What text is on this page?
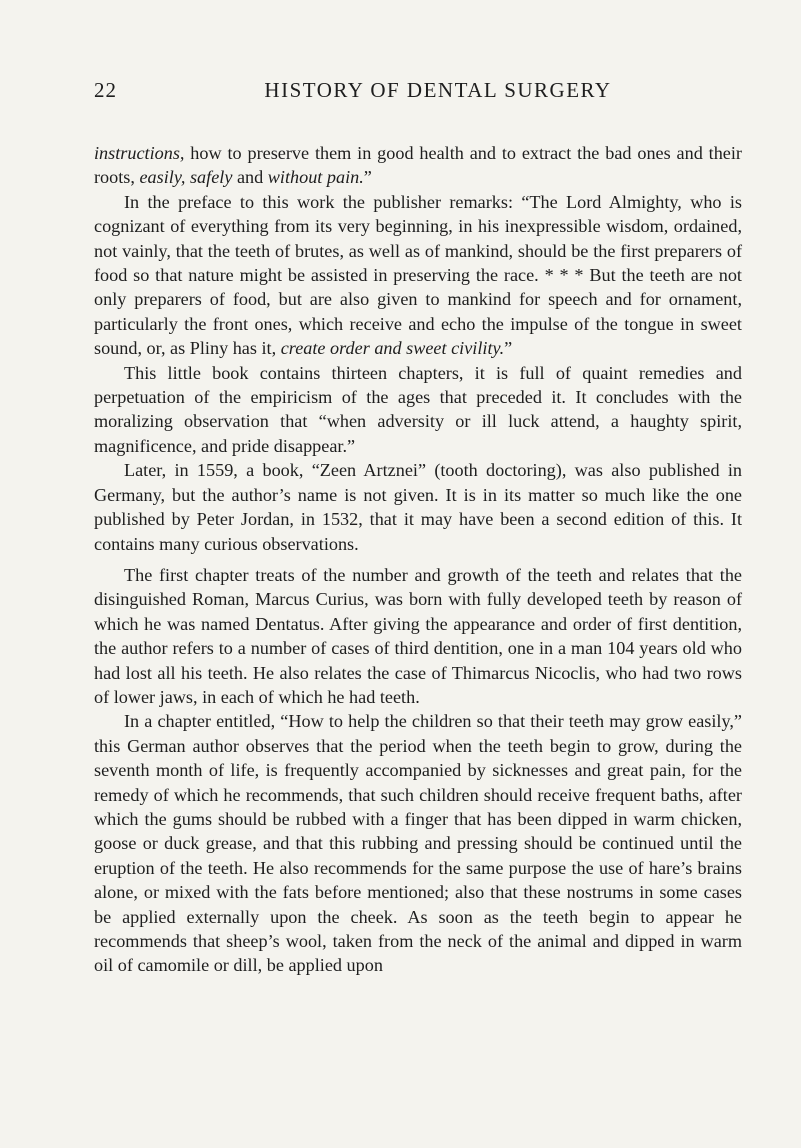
22	HISTORY OF DENTAL SURGERY

instructions, how to preserve them in good health and to extract the bad ones and their roots, easily, safely and without pain.”

In the preface to this work the publisher remarks: “The Lord Almighty, who is cognizant of everything from its very beginning, in his inexpressible wisdom, ordained, not vainly, that the teeth of brutes, as well as of mankind, should be the first preparers of food so that nature might be assisted in preserving the race. * * * But the teeth are not only preparers of food, but are also given to mankind for speech and for ornament, particularly the front ones, which receive and echo the impulse of the tongue in sweet sound, or, as Pliny has it, create order and sweet civility.”

This little book contains thirteen chapters, it is full of quaint remedies and perpetuation of the empiricism of the ages that preceded it. It concludes with the moralizing observation that “when adversity or ill luck attend, a haughty spirit, magnificence, and pride disappear.”

Later, in 1559, a book, “Zeen Artznei” (tooth doctoring), was also published in Germany, but the author’s name is not given. It is in its matter so much like the one published by Peter Jordan, in 1532, that it may have been a second edition of this. It contains many curious observations.

The first chapter treats of the number and growth of the teeth and relates that the disinguished Roman, Marcus Curius, was born with fully developed teeth by reason of which he was named Dentatus. After giving the appearance and order of first dentition, the author refers to a number of cases of third dentition, one in a man 104 years old who had lost all his teeth. He also relates the case of Thimarcus Nicoclis, who had two rows of lower jaws, in each of which he had teeth.

In a chapter entitled, “How to help the children so that their teeth may grow easily,” this German author observes that the period when the teeth begin to grow, during the seventh month of life, is frequently accompanied by sicknesses and great pain, for the remedy of which he recommends, that such children should receive frequent baths, after which the gums should be rubbed with a finger that has been dipped in warm chicken, goose or duck grease, and that this rubbing and pressing should be continued until the eruption of the teeth. He also recommends for the same purpose the use of hare’s brains alone, or mixed with the fats before mentioned; also that these nostrums in some cases be applied externally upon the cheek. As soon as the teeth begin to appear he recommends that sheep’s wool, taken from the neck of the animal and dipped in warm oil of camomile or dill, be applied upon
